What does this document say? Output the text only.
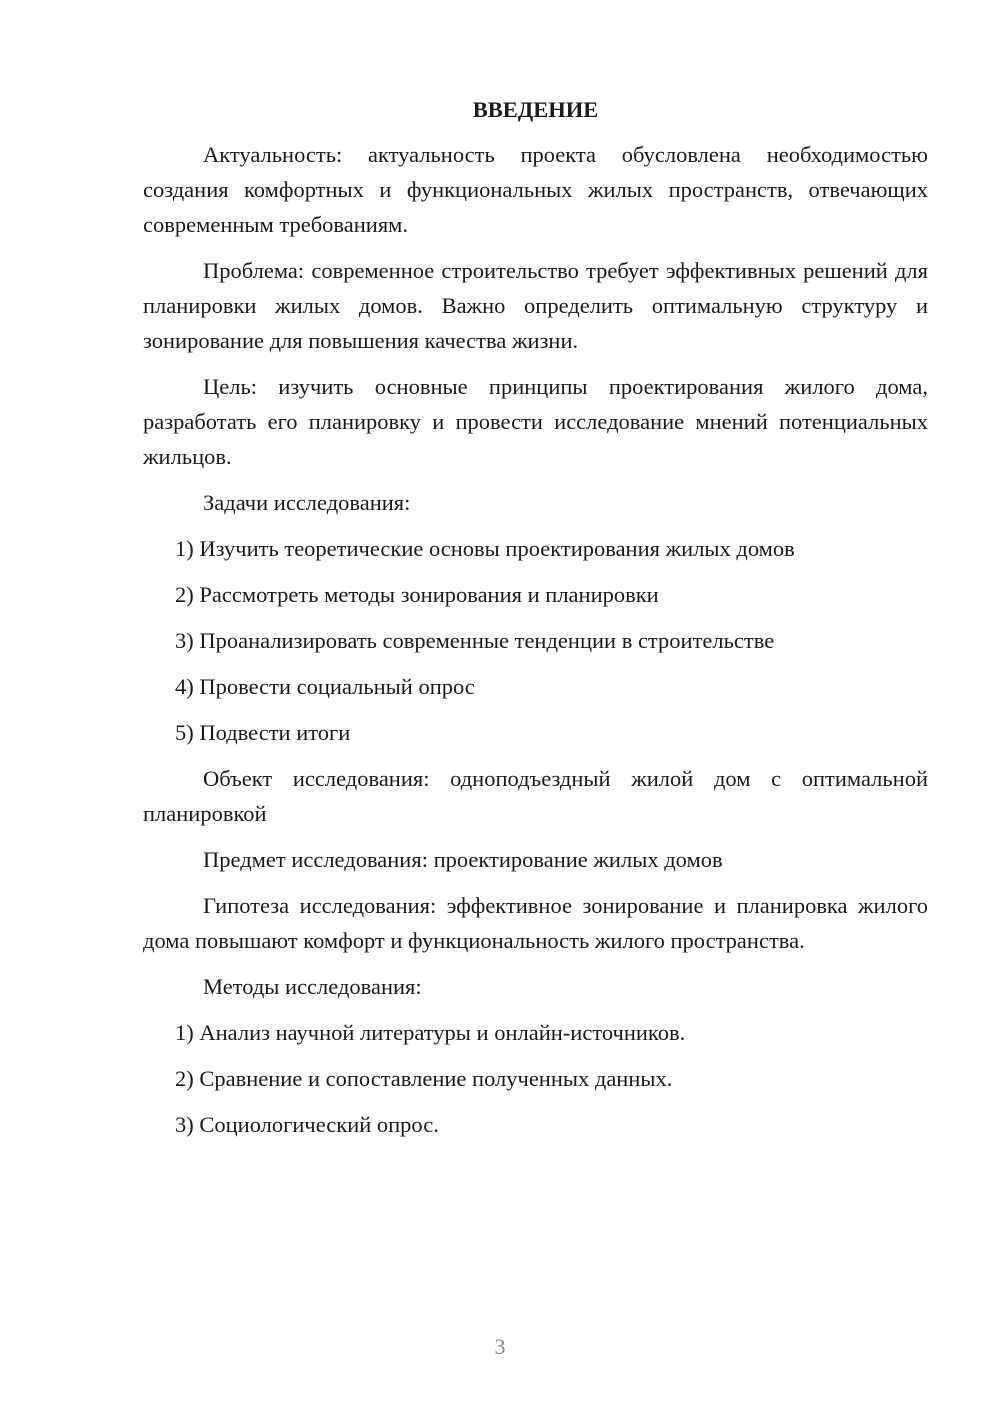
ВВЕДЕНИЕ

Актуальность: актуальность проекта обусловлена необходимостью создания комфортных и функциональных жилых пространств, отвечающих современным требованиям.

Проблема: современное строительство требует эффективных решений для планировки жилых домов. Важно определить оптимальную структуру и зонирование для повышения качества жизни.

Цель: изучить основные принципы проектирования жилого дома, разработать его планировку и провести исследование мнений потенциальных жильцов.

Задачи исследования:

1) Изучить теоретические основы проектирования жилых домов
2) Рассмотреть методы зонирования и планировки
3) Проанализировать современные тенденции в строительстве
4) Провести социальный опрос
5) Подвести итоги

Объект исследования: одноподъездный жилой дом с оптимальной планировкой

Предмет исследования: проектирование жилых домов

Гипотеза исследования: эффективное зонирование и планировка жилого дома повышают комфорт и функциональность жилого пространства.

Методы исследования:

1) Анализ научной литературы и онлайн-источников.
2) Сравнение и сопоставление полученных данных.
3) Социологический опрос.
3
